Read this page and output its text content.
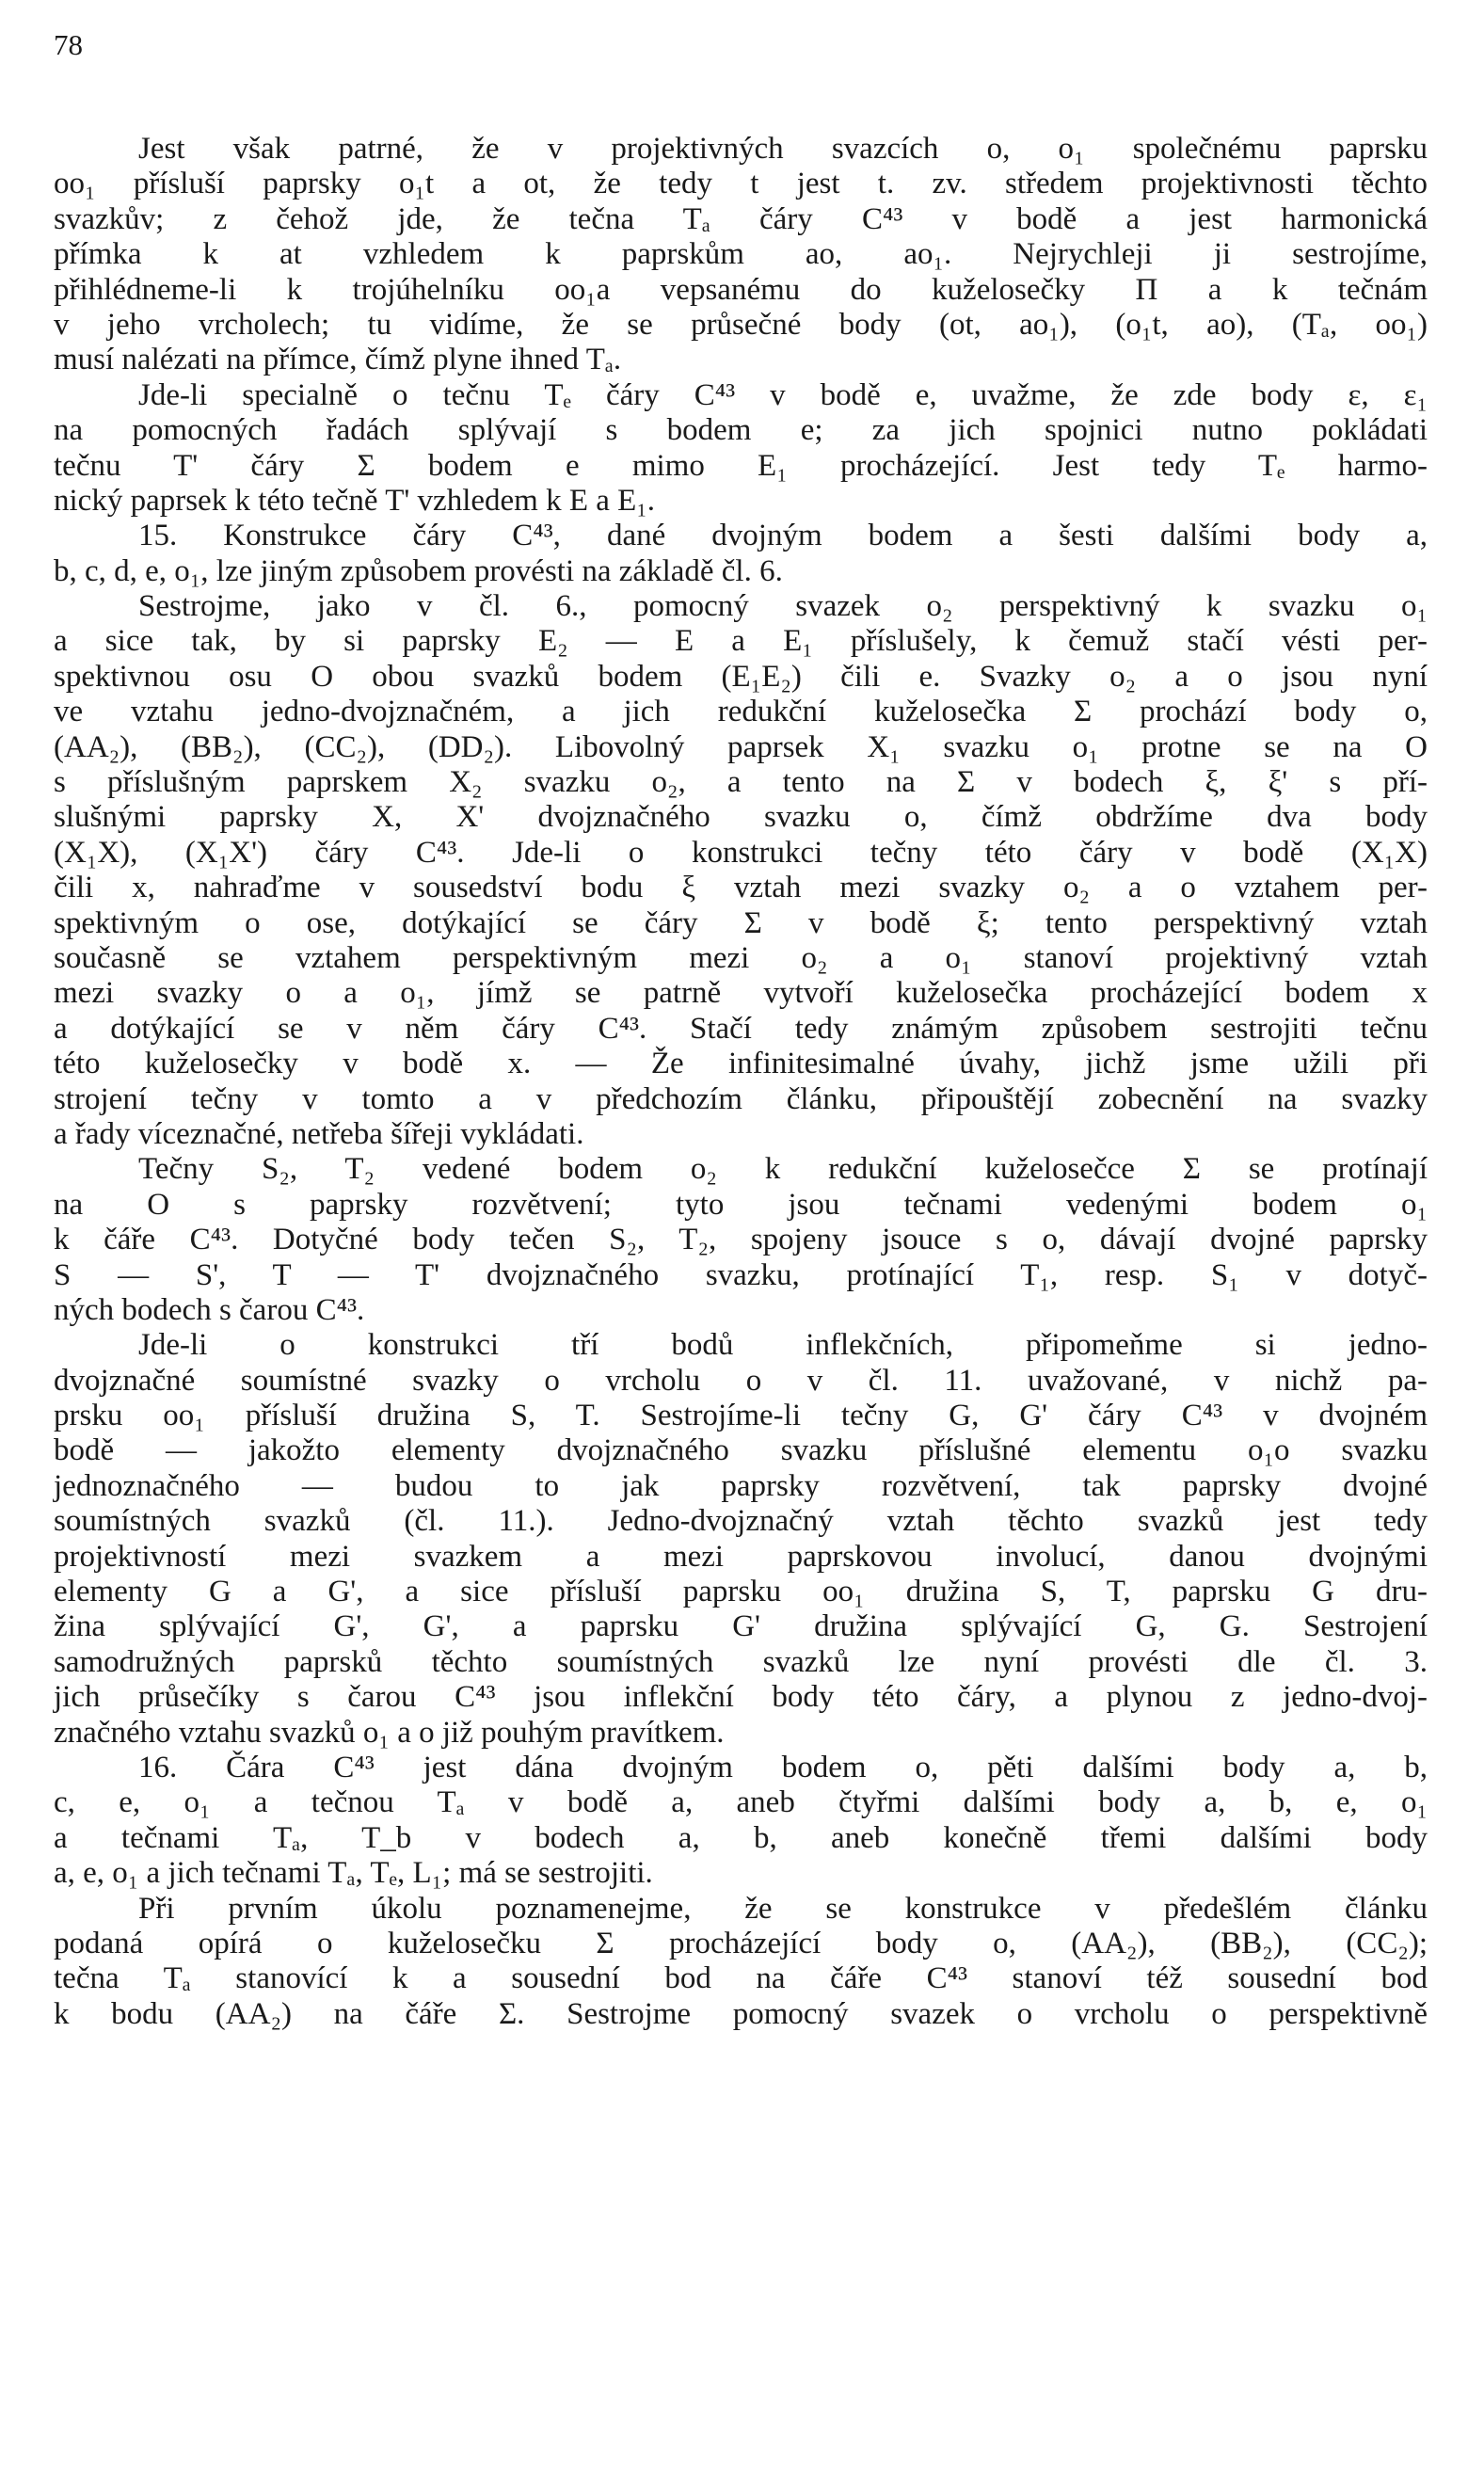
78
Jest však patrné, že v projektivných svazcích o, o₁ společnému paprsku
oo₁ přísluší paprsky o₁t a ot, že tedy t jest t. zv. středem projektivnosti těchto
svazkův; z čehož jde, že tečna Tₐ čáry C⁴³ v bodě a jest harmonická
přímka k at vzhledem k paprskům ao, ao₁. Nejrychleji ji sestrojíme,
přihlédneme-li k trojúhelníku oo₁a vepsanému do kuželosečky Π a k tečnám
v jeho vrcholech; tu vidíme, že se průsečné body (ot, ao₁), (o₁t, ao), (Tₐ, oo₁)
musí nalézati na přímce, čímž plyne ihned Tₐ.
Jde-li specialně o tečnu Tₑ čáry C⁴³ v bodě e, uvažme, že zde body ε, ε₁
na pomocných řadách splývají s bodem e; za jich spojnici nutno pokládati
tečnu T' čáry Σ bodem e mimo E₁ procházející. Jest tedy Tₑ harmo-
nický paprsek k této tečně T' vzhledem k E a E₁.
15. Konstrukce čáry C⁴³, dané dvojným bodem a šesti dalšími body a,
b, c, d, e, o₁, lze jiným způsobem provésti na základě čl. 6.
Sestrojme, jako v čl. 6., pomocný svazek o₂ perspektivný k svazku o₁
a sice tak, by si paprsky E₂ — E a E₁ příslušely, k čemuž stačí vésti per-
spektivnou osu O obou svazků bodem (E₁E₂) čili e. Svazky o₂ a o jsou nyní
ve vztahu jedno-dvojznačném, a jich redukční kuželosečka Σ prochází body o,
(AA₂), (BB₂), (CC₂), (DD₂). Libovolný paprsek X₁ svazku o₁ protne se na O
s příslušným paprskem X₂ svazku o₂, a tento na Σ v bodech ξ, ξ' s pří-
slušnými paprsky X, X' dvojznačného svazku o, čímž obdržíme dva body
(X₁X), (X₁X') čáry C⁴³. Jde-li o konstrukci tečny této čáry v bodě (X₁X)
čili x, nahraďme v sousedství bodu ξ vztah mezi svazky o₂ a o vztahem per-
spektivným o ose, dotýkající se čáry Σ v bodě ξ; tento perspektivný vztah
současně se vztahem perspektivným mezi o₂ a o₁ stanoví projektivný vztah
mezi svazky o a o₁, jímž se patrně vytvoří kuželosečka procházející bodem x
a dotýkající se v něm čáry C⁴³. Stačí tedy známým způsobem sestrojiti tečnu
této kuželosečky v bodě x. — Že infinitesimalné úvahy, jichž jsme užili při
strojení tečny v tomto a v předchozím článku, připouštějí zobecnění na svazky
a řady víceznačné, netřeba šířeji vykládati.
Tečny S₂, T₂ vedené bodem o₂ k redukční kuželosečce Σ se protínají
na O s paprsky rozvětvení; tyto jsou tečnami vedenými bodem o₁
k čáře C⁴³. Dotyčné body tečen S₂, T₂, spojeny jsouce s o, dávají dvojné paprsky
S — S', T — T' dvojznačného svazku, protínající T₁, resp. S₁ v dotyč-
ných bodech s čarou C⁴³.
Jde-li o konstrukci tří bodů inflekčních, připomeňme si jedno-
dvojznačné soumístné svazky o vrcholu o v čl. 11. uvažované, v nichž pa-
prsku oo₁ přísluší družina S, T. Sestrojíme-li tečny G, G' čáry C⁴³ v dvojném
bodě — jakožto elementy dvojznačného svazku příslušné elementu o₁o svazku
jednoznačného — budou to jak paprsky rozvětvení, tak paprsky dvojné
soumístných svazků (čl. 11.). Jedno-dvojznačný vztah těchto svazků jest tedy
projektivností mezi svazkem a mezi paprskovou involucí, danou dvojnými
elementy G a G', a sice přísluší paprsku oo₁ družina S, T, paprsku G dru-
žina splývající G', G', a paprsku G' družina splývající G, G. Sestrojení
samodružných paprsků těchto soumístných svazků lze nyní provésti dle čl. 3.
jich průsečíky s čarou C⁴³ jsou inflekční body této čáry, a plynou z jedno-dvoj-
značného vztahu svazků o₁ a o již pouhým pravítkem.
16. Čára C⁴³ jest dána dvojným bodem o, pěti dalšími body a, b,
c, e, o₁ a tečnou Tₐ v bodě a, aneb čtyřmi dalšími body a, b, e, o₁
a tečnami Tₐ, T_b v bodech a, b, aneb konečně třemi dalšími body
a, e, o₁ a jich tečnami Tₐ, Tₑ, L₁; má se sestrojiti.
Při prvním úkolu poznamenejme, že se konstrukce v předešlém článku
podaná opírá o kuželosečku Σ procházející body o, (AA₂), (BB₂), (CC₂);
tečna Tₐ stanovící k a sousední bod na čáře C⁴³ stanoví též sousední bod
k bodu (AA₂) na čáře Σ. Sestrojme pomocný svazek o vrcholu o perspektivně
